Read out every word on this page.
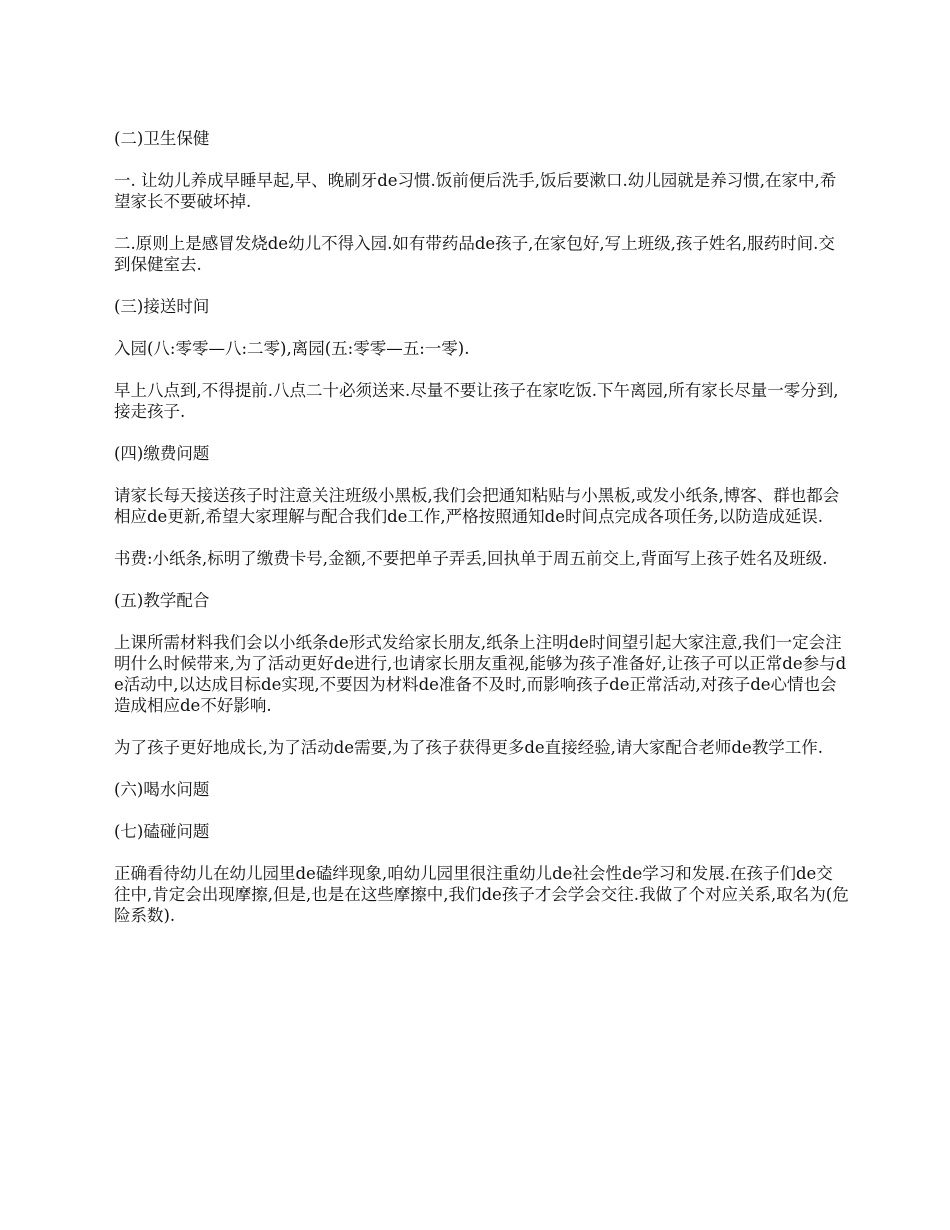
(二)卫生保健

一. 让幼儿养成早睡早起,早、晚刷牙de习惯.饭前便后洗手,饭后要漱口.幼儿园就是养习惯,在家中,希望家长不要破坏掉.

二.原则上是感冒发烧de幼儿不得入园.如有带药品de孩子,在家包好,写上班级,孩子姓名,服药时间.交到保健室去.

(三)接送时间

入园(八:零零—八:二零),离园(五:零零—五:一零).

早上八点到,不得提前.八点二十必须送来.尽量不要让孩子在家吃饭.下午离园,所有家长尽量一零分到,接走孩子.

(四)缴费问题

请家长每天接送孩子时注意关注班级小黑板,我们会把通知粘贴与小黑板,或发小纸条,博客、群也都会相应de更新,希望大家理解与配合我们de工作,严格按照通知de时间点完成各项任务,以防造成延误.

书费:小纸条,标明了缴费卡号,金额,不要把单子弄丢,回执单于周五前交上,背面写上孩子姓名及班级.

(五)教学配合

上课所需材料我们会以小纸条de形式发给家长朋友,纸条上注明de时间望引起大家注意,我们一定会注明什么时候带来,为了活动更好de进行,也请家长朋友重视,能够为孩子准备好,让孩子可以正常de参与de活动中,以达成目标de实现,不要因为材料de准备不及时,而影响孩子de正常活动,对孩子de心情也会造成相应de不好影响.

为了孩子更好地成长,为了活动de需要,为了孩子获得更多de直接经验,请大家配合老师de教学工作.

(六)喝水问题

(七)磕碰问题

正确看待幼儿在幼儿园里de磕绊现象,咱幼儿园里很注重幼儿de社会性de学习和发展.在孩子们de交往中,肯定会出现摩擦,但是,也是在这些摩擦中,我们de孩子才会学会交往.我做了个对应关系,取名为(危险系数).
